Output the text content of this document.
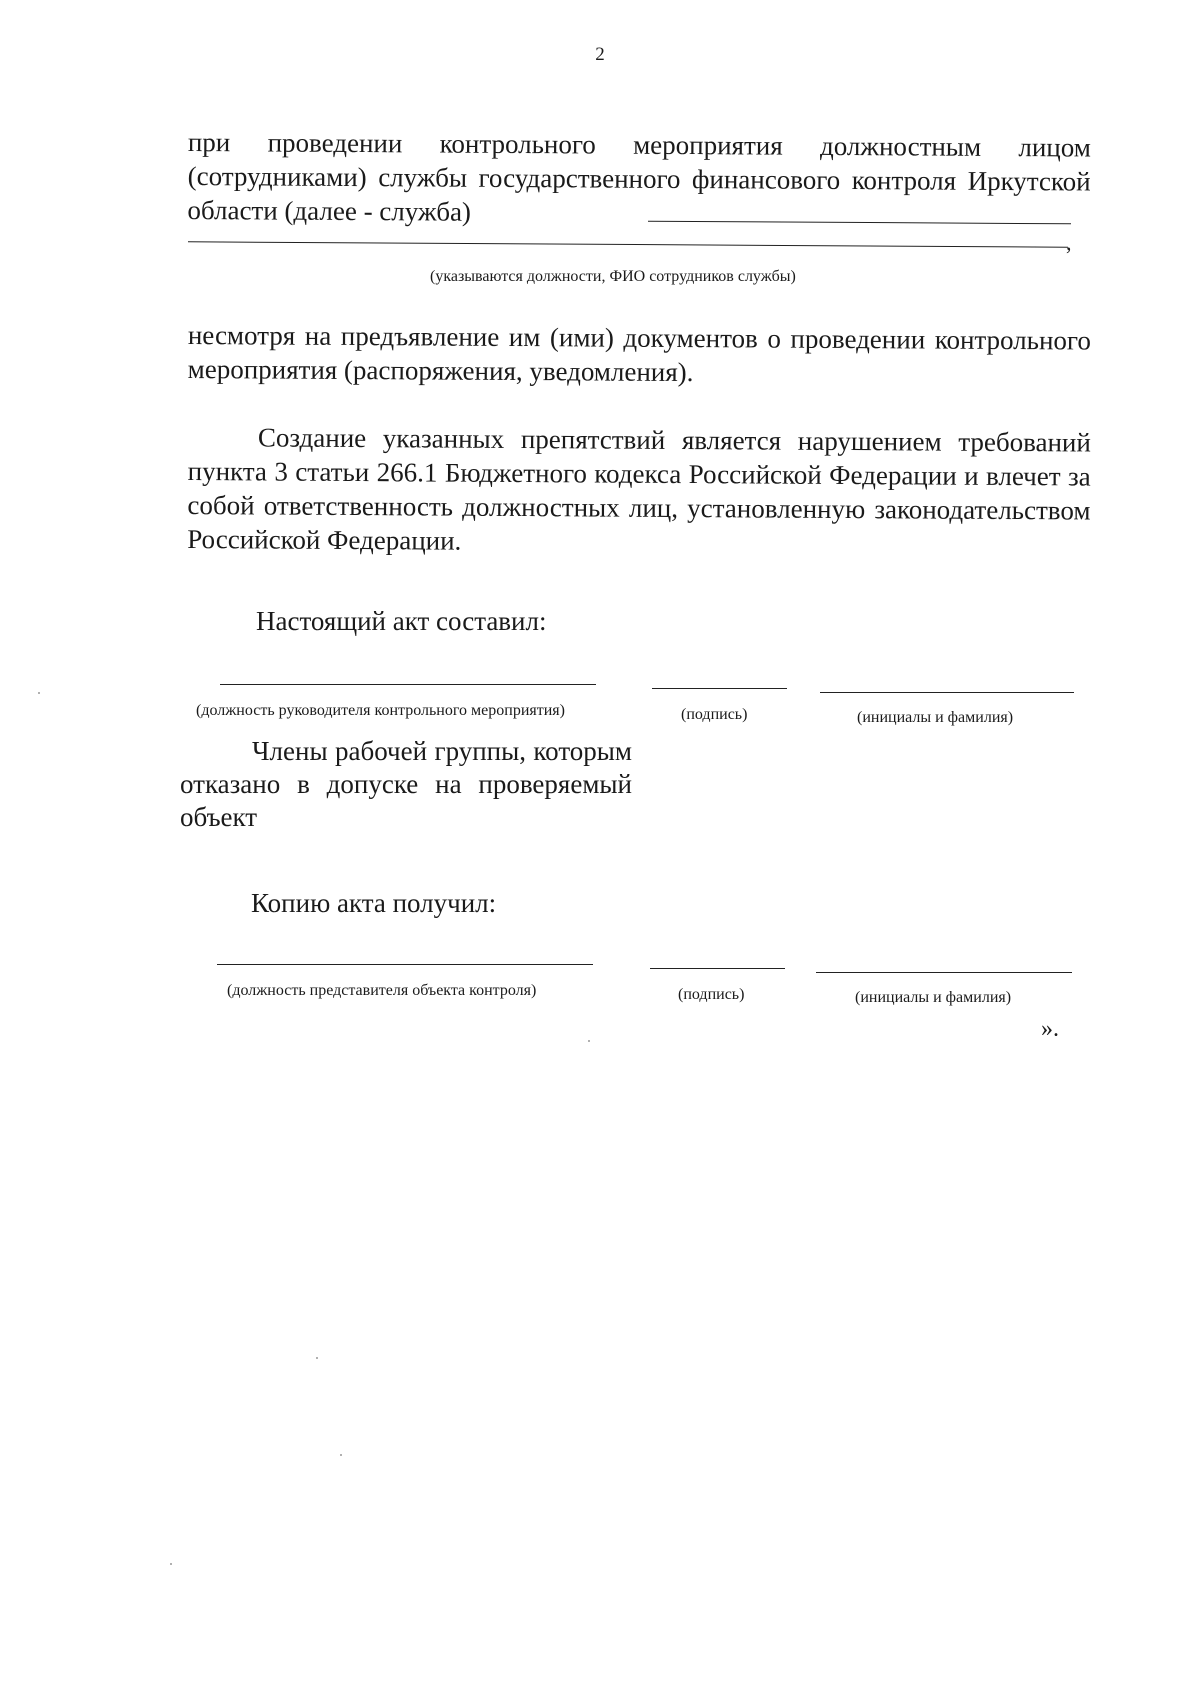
2
при проведении контрольного мероприятия должностным лицом (сотрудниками) службы государственного финансового контроля Иркутской области (далее - служба)
,
(указываются должности, ФИО сотрудников службы)
несмотря на предъявление им (ими) документов о проведении контрольного мероприятия (распоряжения, уведомления).
Создание указанных препятствий является нарушением требований пункта 3 статьи 266.1 Бюджетного кодекса Российской Федерации и влечет за собой ответственность должностных лиц, установленную законодательством Российской Федерации.
Настоящий акт составил:
(должность руководителя контрольного мероприятия)	(подпись)	(инициалы и фамилия)
Члены рабочей группы, которым отказано в допуске на проверяемый объект
Копию акта получил:
(должность представителя объекта контроля)	(подпись)	(инициалы и фамилия)
».
